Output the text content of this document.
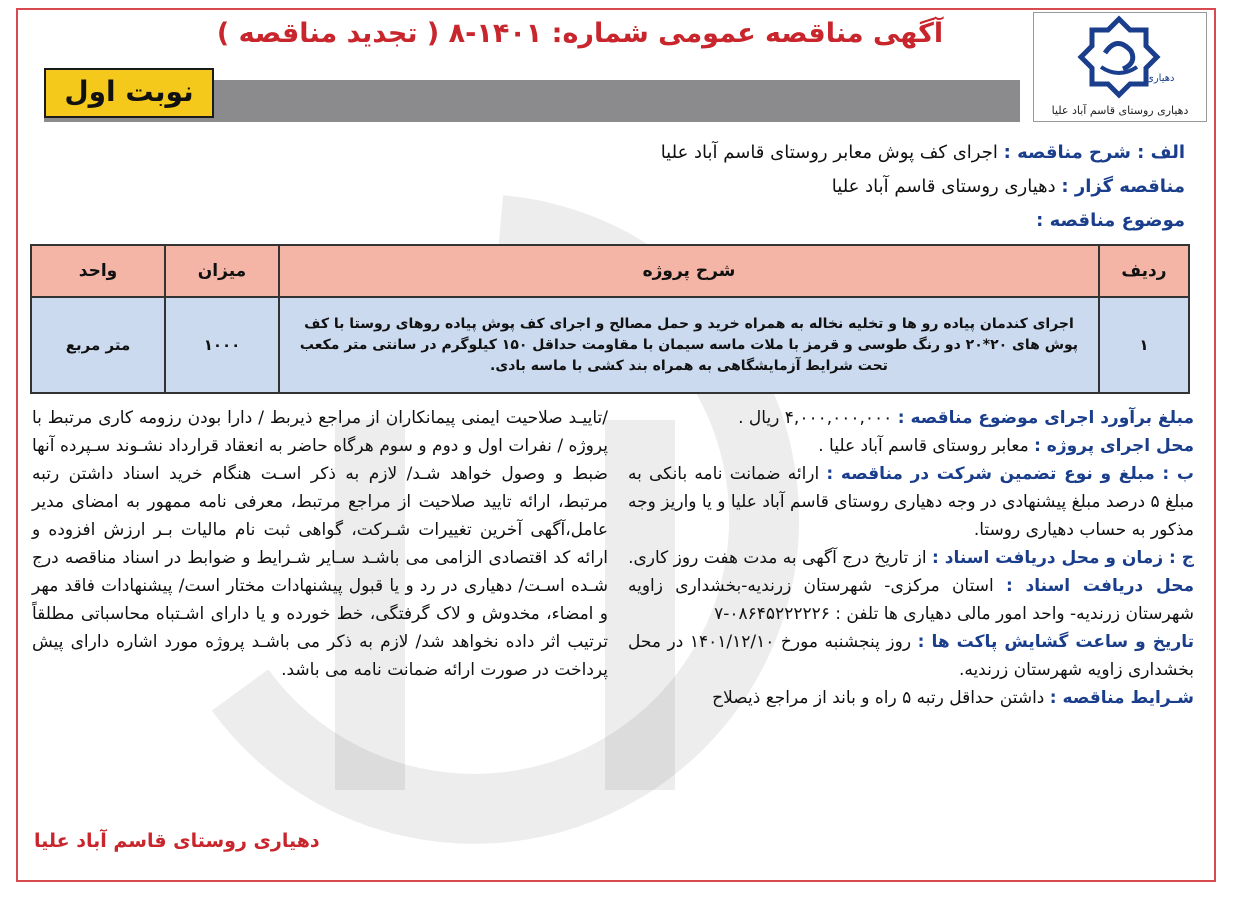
دهیاری
دهیاری روستای قاسم آباد علیا
آگهی مناقصه عمومی شماره: ۱۴۰۱-۸ ( تجدید مناقصه )
نوبت اول
الف : شرح مناقصه : اجرای کف پوش معابر روستای قاسم آباد علیا
مناقصه گزار : دهیاری روستای قاسم آباد علیا
موضوع مناقصه :
ردیف	شرح پروژه	میزان	واحد
۱	اجرای کندمان پیاده رو ها و تخلیه نخاله به همراه خرید و حمل مصالح و اجرای کف پوش پیاده روهای روستا با کف پوش های ۲۰*۲۰ دو رنگ طوسی و قرمز با ملات ماسه سیمان با مقاومت حداقل ۱۵۰ کیلوگرم در سانتی متر مکعب تحت شرایط آزمایشگاهی به همراه بند کشی با ماسه بادی.	۱۰۰۰	متر مربع

مبلغ برآورد اجرای موضوع مناقصه : ۴,۰۰۰,۰۰۰,۰۰۰ ریال .

محل اجرای پروژه : معابر روستای قاسم آباد علیا .

ب : مبلغ و نوع تضمین شرکت در مناقصه : ارائه ضمانت نامه بانکی به مبلغ ۵ درصد مبلغ پیشنهادی در وجه دهیاری روستای قاسم آباد علیا و یا واریز وجه مذکور به حساب دهیاری روستا.

ج : زمان و محل دریافت اسناد : از تاریخ درج آگهی به مدت هفت روز کاری.

محل دریافت اسناد : استان مرکزی- شهرستان زرندیه-بخشداری زاویه شهرستان زرندیه- واحد امور مالی دهیاری ها تلفن : ۰۸۶۴۵۲۲۲۲۲۶-۷

تاریخ و ساعت گشایش پاکت ها : روز پنجشنبه مورخ ۱۴۰۱/۱۲/۱۰ در محل بخشداری زاویه شهرستان زرندیه.

شـرایط مناقصه : داشتن حداقل رتبه ۵ راه و باند از مراجع ذیصلاح

/تاییـد صلاحیت ایمنی پیمانکاران از مراجع ذیربط / دارا بودن رزومه کاری مرتبط با پروژه / نفرات اول و دوم و سوم هرگاه حاضر به انعقاد قرارداد نشـوند سـپرده آنها ضبط و وصول خواهد شـد/ لازم به ذکر اسـت هنگام خرید اسناد داشتن رتبه مرتبط، ارائه تایید صلاحیت از مراجع مرتبط، معرفی نامه ممهور به امضای مدیر عامل،آگهی آخرین تغییرات شـرکت، گواهی ثبت نام مالیات بـر ارزش افزوده و ارائه کد اقتصادی الزامی می باشـد سـایر شـرایط و ضوابط در اسناد مناقصه درج شـده اسـت/ دهیاری در رد و یا قبول پیشنهادات مختار است/ پیشنهادات فاقد مهر و امضاء، مخدوش و لاک گرفتگی، خط خورده و یا دارای اشـتباه محاسباتی مطلقاً ترتیب اثر داده نخواهد شد/ لازم به ذکر می باشـد پروژه مورد اشاره دارای پیش پرداخت در صورت ارائه ضمانت نامه می باشد.
دهیاری روستای قاسم آباد علیا
